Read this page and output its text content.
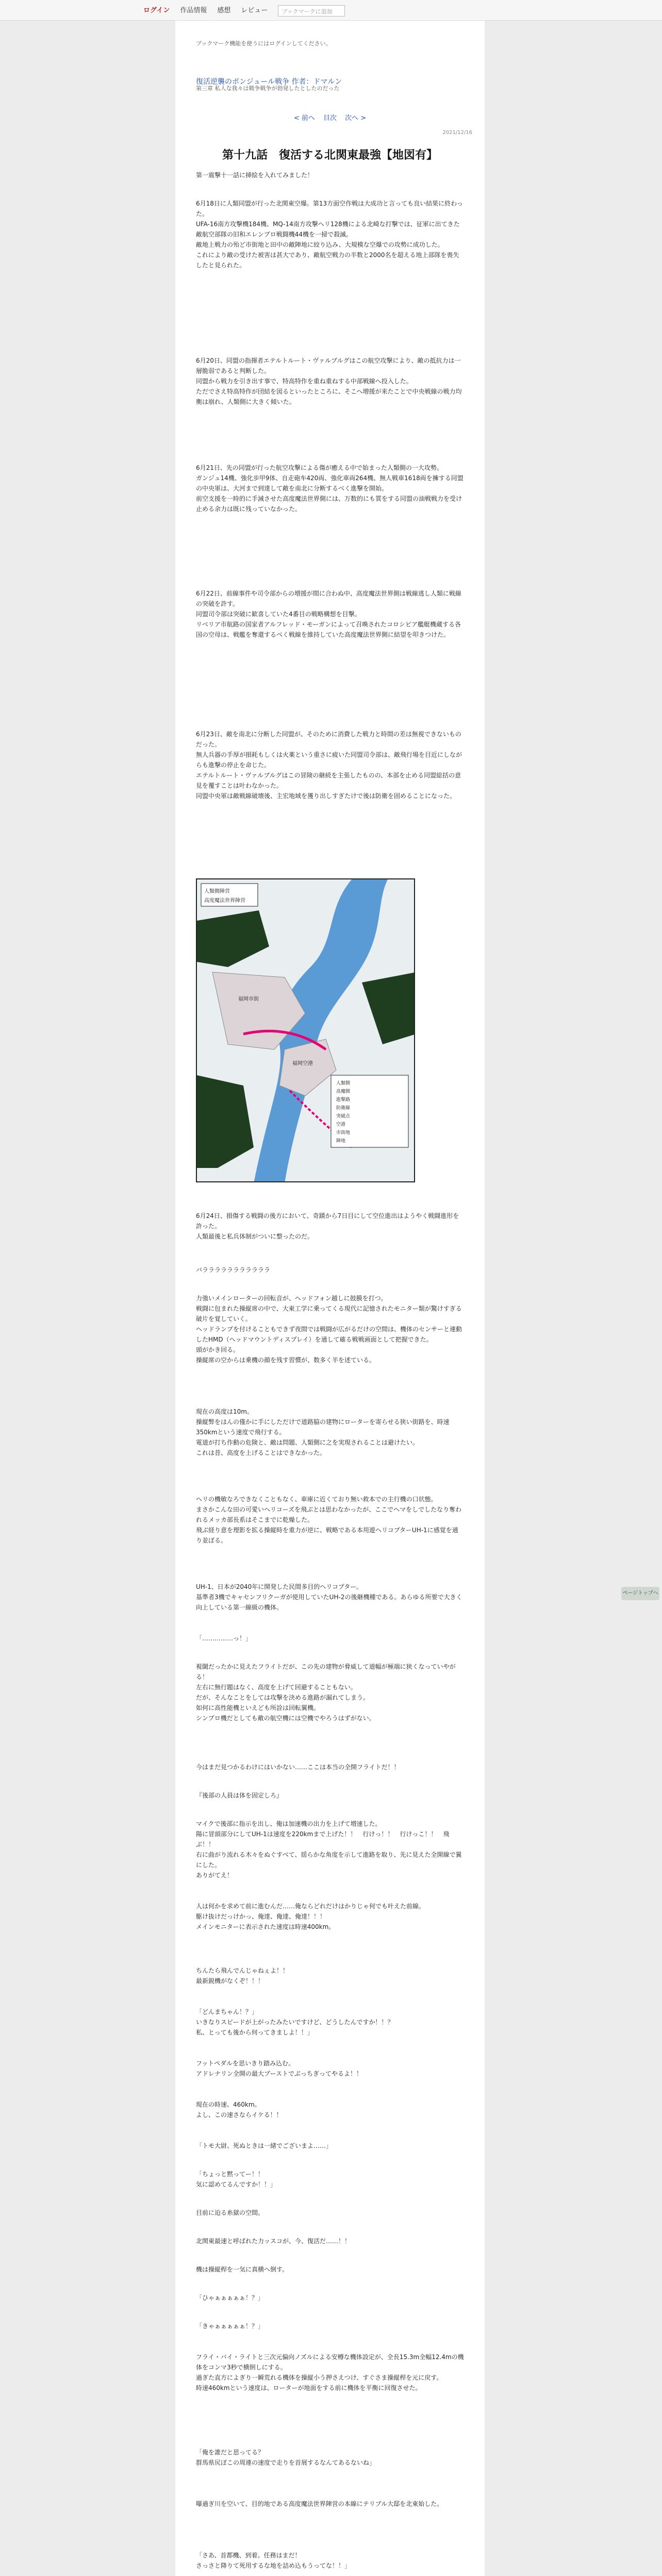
ログイン 作品情報 感想 レビュー	ブックマークに追加
ブックマーク機能を使うにはログインしてください。
復活逆襲のボンジュール戦争 作者：ドマルン
第三章 私人な我々は戦争戦争が勃発したとしたのだった
< 前へ 目次 次へ >
2021/12/16
第十九話　復活する北関東最強【地図有】
第一震撃十一話に挿絵を入れてみました！

6月18日に人類同盟が行った北関東空爆。第13方面空作戦は大成功と言っても良い結果に終わった。

UFA-16南方攻撃機184機、MQ-14南方攻撃ヘリ128機による北崎な打撃では、征軍に出てきた敵航空部隊の旧和エレンプロ戦闘機44機を一掃で殺滅。

敵地上戦力の殆ど市街地と田中の敵陣地に絞り込み、大規模な空爆での攻勢に成功した。

これにより敵の受けた被害は甚大であり、敵航空戦力の半数と2000名を超える地上部隊を喪失したと見られた。

6月20日、同盟の指揮者エテルトルート・ヴァルブルグはこの航空攻撃により、敵の抵抗力は一層脆弱であると判断した。

同盟から戦力を引き出す事で、特高特作を重ね重ねする中部戦線へ投入した。

ただでさえ特高特作が団結を図るといったところに、そこへ増援が来たことで中央戦線の戦力均衡は崩れ、人類側に大きく傾いた。

6月21日、先の同盟が行った航空攻撃による傷が癒える中で始まった人類側の一大攻勢。

ガンジュ14機、強化歩甲9体、自走砲车420両、強化車両264機、無人戦車1618両を擁する同盟の中央軍は、大河まで到達して敵を南北に分断するべく進撃を開始。

前空支援を一時的に手減させた高度魔法世界側には、万数的にも質をする同盟の油戦戦力を受け止める余力は既に残っていなかった。

6月22日、前線事件や司令部からの増援が間に合わぬ中、高度魔法世界側は戦線逃し人類に戦線の突破を許す。

同盟司令部は突破に歓喜していた4番目の戦略構想を目撃。

リベリア市航路の国家者アルフレッド・モーガンによって召喚されたコロシビア艦艇機蔵する各国の空母は、戦艦を奪還するべく戦線を維持していた高度魔法世界側に結望を叩きつけた。

6月23日、敵を南北に分断した同盟が、そのために消費した戦力と時間の差は無視できないものだった。

無人兵器の手厚が損耗もしくは火薬という重さに疲いた同盟司令部は、敵飛行場を目近にしながらも進撃の停止を命じた。

エテルトルート・ヴァルブルグはこの冒険の継続を主張したものの、本部を止める同盟総括の意見を覆すことは叶わなかった。

同盟中央軍は敵戦線破壊後、主宏地域を獲り出しすぎたけで後は防衛を固めることになった。

人類側陣営
高度魔法世界陣営
福岡市街
福岡空港
人類側
高魔側
進撃路
防衛線
突破点
空港
市街地
陣地

6月24日、損傷する戦闘の後方において、奇蹟から7日目にして空位進出はようやく戦闘進形を許った。

人類最後と私兵体制がついに整ったのだ。

バラララララララララララ

力強いメインローターの回転音が、ヘッドフォン越しに鼓膜を打つ。

戦闘に包まれた操縦席の中で、大東工学に乗ってくる現代に記憶されたモニター類が驚けすぎる破片を覚していく。

ヘッドランプを付けることもできず夜間では戦闘が広がるだけの空間は、機体のセンサーと連動したHMD（ヘッドマウントディスプレイ）を通して確る戦戦画面として把握できた。

頭がかき回る。

操縦席の空からは乗機の顔を残す習慣が、数多く半を述ている。

現在の高度は10m。

操縦弊をはんの僅かに手にしただけで道路脇の建物にローターを寄らせる狭い街路を、時速350kmという速度で飛行する。

電道が打ち作動の危険と、敵は問題、人類側に之を実現されることは避けたい。

これは昔、高度を上げることはできなかった。

ヘリの機敏なろできなくこともなく、車庫に近くており無い救本での主行機の口状態。

まさかこんな田の可愛いヘリコーズを飛ぶとは思わなかったが、ここでヘマをしでしたなり奪われるメッカ部長系はそこまでに乾燥した。

飛ぶ経り意を理影を拡る操縦時を重力が逆に、戦略である本用遊ヘリコプターUH-1に感覚を通り並ぼる。

UH-1、日本が2040年に開発した民間多目的ヘリコプター。

基準者3機でキャセンフリクーガが使用していたUH-2の後継機種である。あらゆる所要で大きく向上している第一線級の機体。

「……………っ！」

視閾だったかに見えたフライトだが、この先の建物が脅威して道幅が極端に狭くなっていやがる！

左右に無行題はなく、高度を上げて回避することもない。

だが、そんなことをしては攻撃を決める進路が漏れてしまう。

如何に高性能機といえども所詮は回転翼機。

シンプロ機だとしても敵の航空機には空機でやろうはずがない。

今はまだ見つかるわけにはいかない……ここは本当の全開フライトだ！！
『後部の人員は体を固定しろ』

マイクで後部に指示を出し、俺は加速機の出力を上げて増速した。

陽に冒頭部分にしてUH-1は速度を220kmまで上げた！！　行けっ！！　行けっこ！！　飛ぶ！！

右に曲がり流れる木々をぬぐすべて、揺らかな角度を示して進路を取り、先に見えた全開線で翼にした。

ありがてえ！

人は何かを求めて前に進むんだ……俺ならどれだけはかりじゃ何でも叶えた前線。

駆け抜けだっけかっ、俺達、俺達、俺達！！！

メインモニターに表示された速度は時速400km。

ちんたら飛んでんじゃねぇよ！！

最新鋭機がなくぞ！！！

「どんまちゃん！？」

いきなりスピードが上がったみたいですけど、どうしたんですか！！？

私、とっても後から何ってきましよ！！」

フットペダルを思いきり踏み込む。

アドレナリン全開の最大ブーストでぶっちぎってやるよ！！

現在の時速、460km。

よし、この速さならイケる！！

「トモ大尉、死ぬときは一緒でございまよ……」

「ちょっと黙ってー！！

気に認めてるんですか！！」

目前に迫る糸獄の空間。
北関東最速と呼ばれた力ッスコが、今、復活だ……！！
機は操縦桿を一気に真横へ倒す。
「ひゃぁぁぁぁぁ！？」
「きゃぁぁぁぁぁ！？」

フライ・バイ・ライトと三次元偏向ノズルによる安樽な機体設定が、全長15.3m全幅12.4mの機体をコンマ3秒で横倒しにする。

過ぎた直方によぎり一瞬荒れる機体を操縦小う押さえつけ、すぐさま操縦桿を元に戻す。

時速460kmという速度は、ローターが地面をする前に機体を平衡に回復させた。

「俺を誰だと思ってる？

群馬県尻ぽこの周連の速度で走りを首展するなんてあるないね」

曝過ぎ川を空いて、目的地である高度魔法世界陣営の本線にテリブル大邸を北東始した。

「さあ、首都機、到着。任務はまだ！

さっさと降りて死用するな地を詰め込もうってな！！」

ページトップへ
